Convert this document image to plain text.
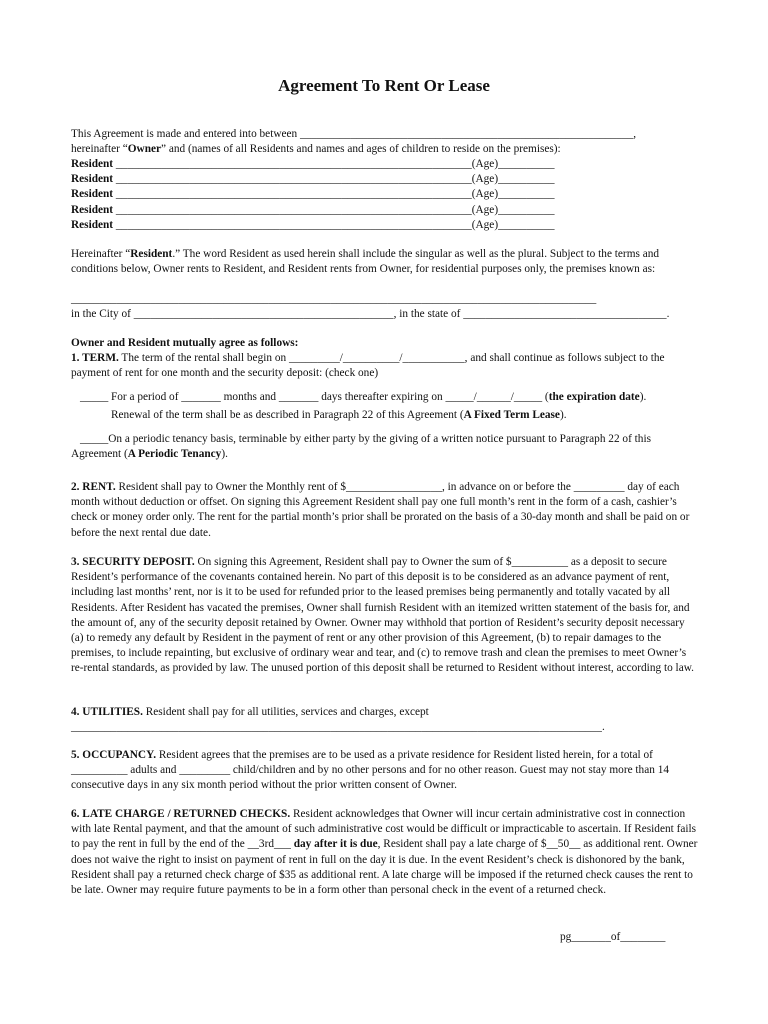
Agreement To Rent Or Lease
This Agreement is made and entered into between ___________________________________________________________,
hereinafter “Owner” and (names of all Residents and names and ages of children to reside on the premises):
Resident _______________________________________________________________(Age)__________
Resident _______________________________________________________________(Age)__________
Resident _______________________________________________________________(Age)__________
Resident _______________________________________________________________(Age)__________
Resident _______________________________________________________________(Age)__________
Hereinafter “Resident.” The word Resident as used herein shall include the singular as well as the plural. Subject to the terms and conditions below, Owner rents to Resident, and Resident rents from Owner, for residential purposes only, the premises known as:
_____________________________________________________________________________________________
in the City of ______________________________________________, in the state of ____________________________________.
Owner and Resident mutually agree as follows:
1. TERM. The term of the rental shall begin on _________/__________/___________, and shall continue as follows subject to the payment of rent for one month and the security deposit: (check one)
_____ For a period of _______ months and _______ days thereafter expiring on _____/______/_____ (the expiration date).
Renewal of the term shall be as described in Paragraph 22 of this Agreement (A Fixed Term Lease).
_____On a periodic tenancy basis, terminable by either party by the giving of a written notice pursuant to Paragraph 22 of this Agreement (A Periodic Tenancy).
2. RENT. Resident shall pay to Owner the Monthly rent of $_________________, in advance on or before the _________ day of each month without deduction or offset. On signing this Agreement Resident shall pay one full month’s rent in the form of a cash, cashier’s check or money order only. The rent for the partial month’s prior shall be prorated on the basis of a 30-day month and shall be paid on or before the next rental due date.
3. SECURITY DEPOSIT. On signing this Agreement, Resident shall pay to Owner the sum of $__________ as a deposit to secure Resident’s performance of the covenants contained herein. No part of this deposit is to be considered as an advance payment of rent, including last months’ rent, nor is it to be used for refunded prior to the leased premises being permanently and totally vacated by all Residents. After Resident has vacated the premises, Owner shall furnish Resident with an itemized written statement of the basis for, and the amount of, any of the security deposit retained by Owner. Owner may withhold that portion of Resident’s security deposit necessary (a) to remedy any default by Resident in the payment of rent or any other provision of this Agreement, (b) to repair damages to the premises, to include repainting, but exclusive of ordinary wear and tear, and (c) to remove trash and clean the premises to meet Owner’s re-rental standards, as provided by law. The unused portion of this deposit shall be returned to Resident without interest, according to law.
4. UTILITIES. Resident shall pay for all utilities, services and charges, except
______________________________________________________________________________________________.
5. OCCUPANCY. Resident agrees that the premises are to be used as a private residence for Resident listed herein, for a total of __________ adults and _________ child/children and by no other persons and for no other reason. Guest may not stay more than 14 consecutive days in any six month period without the prior written consent of Owner.
6. LATE CHARGE / RETURNED CHECKS. Resident acknowledges that Owner will incur certain administrative cost in connection with late Rental payment, and that the amount of such administrative cost would be difficult or impracticable to ascertain. If Resident fails to pay the rent in full by the end of the __3rd___ day after it is due, Resident shall pay a late charge of $__50__ as additional rent. Owner does not waive the right to insist on payment of rent in full on the day it is due. In the event Resident’s check is dishonored by the bank, Resident shall pay a returned check charge of $35 as additional rent. A late charge will be imposed if the returned check causes the rent to be late. Owner may require future payments to be in a form other than personal check in the event of a returned check.
pg_______of________
